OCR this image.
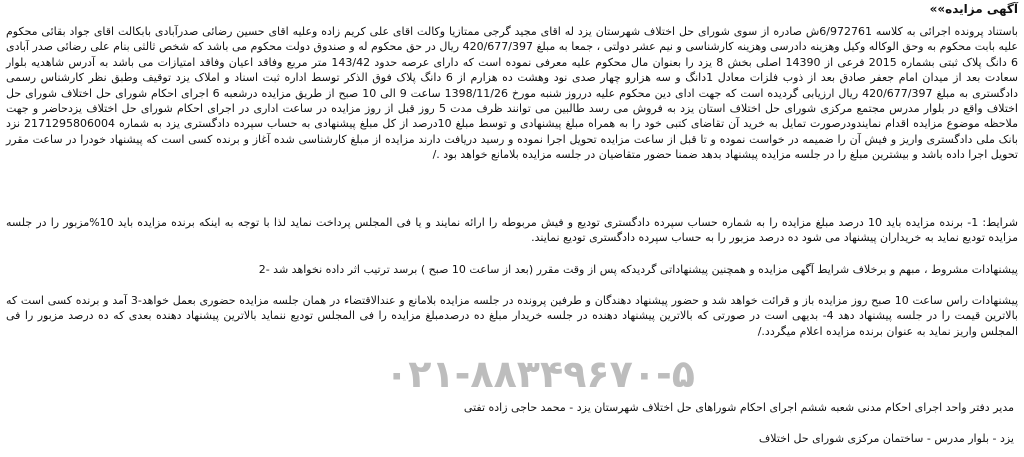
آگهی مزایده»»

باستناد پرونده اجرائی به کلاسه 6/972761ش صادره از سوی شورای حل اختلاف شهرستان یزد له اقای مجید گرجی ممتازیا وکالت اقای علی کریم زاده وعلیه اقای حسین رضائی صدرآبادی بابکالت اقای جواد بقائی محکوم علیه بابت محکوم به وحق الوکاله وکیل وهزینه دادرسی وهزینه کارشناسی و نیم عشر دولتی ، جمعا به مبلغ 420/677/397 ریال در حق محکوم له و صندوق دولت محکوم می باشد که شخص ثالثی بنام علی رضائی صدر آبادی 6 دانگ پلاک ثبتی بشماره 2015 فرعی از 14390 اصلی بخش 8 یزد را بعنوان مال محکوم علیه معرفی نموده است که دارای عرصه حدود 143/42 متر مربع وفاقد اعیان وفاقد امتیازات می باشد به آدرس شاهدیه بلوار سعادت بعد از میدان امام جعفر صادق بعد از ذوب فلزات معادل 1دانگ و سه هزارو چهار صدی نود وهشت ده هزارم از 6 دانگ پلاک فوق الذکر توسط اداره ثبت اسناد و املاک یزد توقیف وطبق نظر کارشناس رسمی دادگستری به مبلغ 420/677/397 ریال ارزیابی گردیده است که جهت ادای دین محکوم علیه درروز شنبه مورخ 1398/11/26 ساعت 9 الی 10 صبح از طریق مزایده درشعبه 6 اجرای احکام شورای حل اختلاف شورای حل اختلاف واقع در بلوار مدرس مجتمع مرکزی شورای حل اختلاف استان یزد به فروش می رسد طالبین می توانند ظرف مدت 5 روز قبل از روز مزایده در ساعت اداری در اجرای احکام شورای حل اختلاف یزدحاضر و جهت ملاحظه موضوع مزایده اقدام نمایندودرصورت تمایل به خرید آن تقاضای کتبی خود را به همراه مبلغ پیشنهادی و توسط مبلغ 10درصد از کل مبلغ پیشنهادی به حساب سپرده دادگستری یزد به شماره 2171295806004 نزد بانک ملی دادگستری واریز و فیش آن را ضمیمه در خواست نموده و تا قبل از ساعت مزایده تحویل اجرا نموده و رسید دریافت دارند مزایده از مبلغ کارشناسی شده آغاز و برنده کسی است که پیشنهاد خودرا در ساعت مقرر تحویل اجرا داده باشد و بیشترین مبلغ را در جلسه مزایده پیشنهاد بدهد ضمنا حضور متقاضیان در جلسه مزایده بلامانع خواهد بود ./

شرایط: 1- برنده مزایده باید 10 درصد مبلغ مزایده را به شماره حساب سپرده دادگستری تودیع و فیش مربوطه را ارائه نمایند و یا فی المجلس پرداخت نماید لذا با توجه به اینکه برنده مزایده باید 10%مزبور را در جلسه مزایده تودیع نماید به خریداران پیشنهاد می شود ده درصد مزبور را به حساب سپرده دادگستری تودیع نمایند.

پیشنهادات مشروط ، مبهم و برخلاف شرایط آگهی مزایده و همچنین پیشنهاداتی گردیدکه پس از وقت مقرر (بعد از ساعت 10 صبح ) برسد ترتیب اثر داده نخواهد شد -2

پیشنهادات راس ساعت 10 صبح روز مزایده باز و قرائت خواهد شد و حضور پیشنهاد دهندگان و طرفین پرونده در جلسه مزایده بلامانع و عندالاقتضاء در همان جلسه مزایده حضوری بعمل خواهد-3 آمد و برنده کسی است که بالاترین قیمت را در جلسه پیشنهاد دهد 4- بدیهی است در صورتی که بالاترین پیشنهاد دهنده در جلسه خریدار مبلغ ده درصدمبلغ مزایده را فی المجلس تودیع ننماید بالاترین پیشنهاد دهنده بعدی که ده درصد مزبور را فی المجلس واریز نماید به عنوان برنده مزایده اعلام میگردد./

۰۲۱-۸۸۳۴۹۶۷۰-۵
مدیر دفتر واحد اجرای احکام مدنی شعبه ششم اجرای احکام شوراهای حل اختلاف شهرستان یزد - محمد حاجی زاده تفتی
یزد - بلوار مدرس - ساختمان مرکزی شورای حل اختلاف
